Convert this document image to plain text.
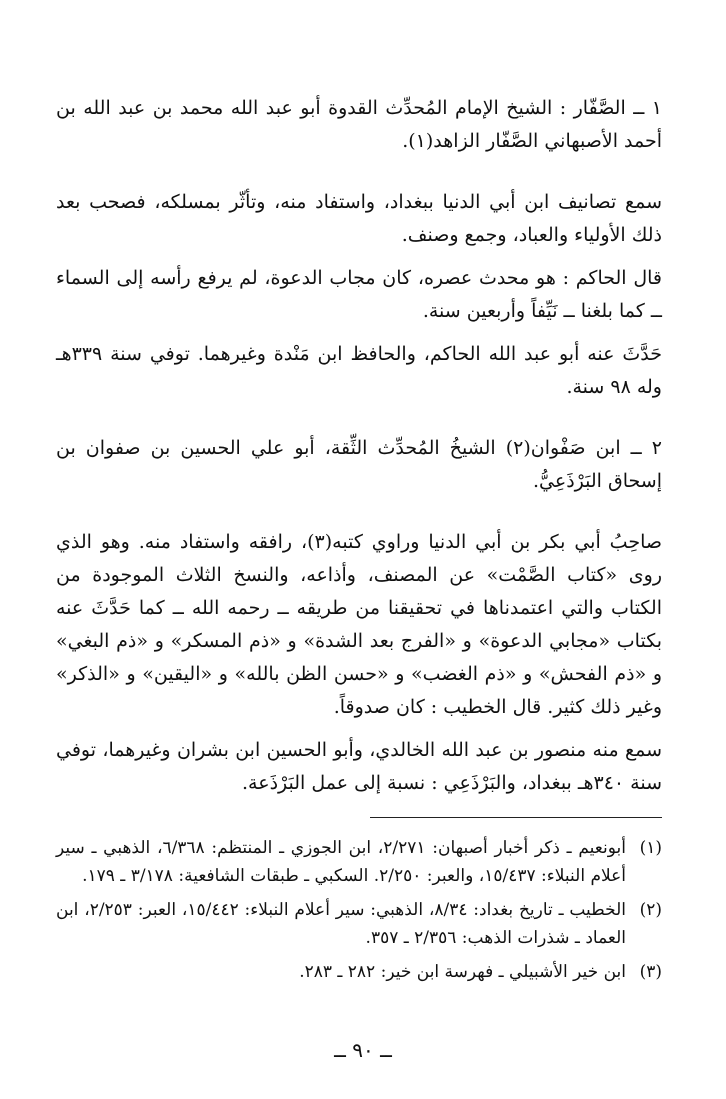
١ ــ الصَّفّار : الشيخ الإمام المُحدِّث القدوة أبو عبد الله محمد بن عبد الله بن أحمد الأصبهاني الصَّفّار الزاهد(١).

سمع تصانيف ابن أبي الدنيا ببغداد، واستفاد منه، وتأثّر بمسلكه، فصحب بعد ذلك الأولياء والعباد، وجمع وصنف.

قال الحاكم : هو محدث عصره، كان مجاب الدعوة، لم يرفع رأسه إلى السماء ــ كما بلغنا ــ نَيِّفاً وأربعين سنة.

حَدَّثَ عنه أبو عبد الله الحاكم، والحافظ ابن مَنْدة وغيرهما. توفي سنة ٣٣٩هـ وله ٩٨ سنة.

٢ ــ ابن صَفْوان(٢) الشيخُ المُحدِّث الثِّقة، أبو علي الحسين بن صفوان بن إسحاق البَرْذَعِيُّ.

صاحِبُ أبي بكر بن أبي الدنيا وراوي كتبه(٣)، رافقه واستفاد منه. وهو الذي روى «كتاب الصَّمْت» عن المصنف، وأذاعه، والنسخ الثلاث الموجودة من الكتاب والتي اعتمدناها في تحقيقنا من طريقه ــ رحمه الله ــ كما حَدَّثَ عنه بكتاب «مجابي الدعوة» و «الفرج بعد الشدة» و «ذم المسكر» و «ذم البغي» و «ذم الفحش» و «ذم الغضب» و «حسن الظن بالله» و «اليقين» و «الذكر» وغير ذلك كثير. قال الخطيب : كان صدوقاً.

سمع منه منصور بن عبد الله الخالدي، وأبو الحسين ابن بشران وغيرهما، توفي سنة ٣٤٠هـ ببغداد، والبَرْذَعِي : نسبة إلى عمل البَرْذَعة.

(١)
أبونعيم ـ ذكر أخبار أصبهان: ٢/٢٧١، ابن الجوزي ـ المنتظم: ٦/٣٦٨، الذهبي ـ سير أعلام النبلاء: ١٥/٤٣٧، والعبر: ٢/٢٥٠. السكبي ـ طبقات الشافعية: ٣/١٧٨ ـ ١٧٩.
(٢)
الخطيب ـ تاريخ بغداد: ٨/٣٤، الذهبي: سير أعلام النبلاء: ١٥/٤٤٢، العبر: ٢/٢٥٣، ابن العماد ـ شذرات الذهب: ٢/٣٥٦ ـ ٣٥٧.
(٣)
ابن خير الأشبيلي ـ فهرسة ابن خير: ٢٨٢ ـ ٢٨٣.
ــ ٩٠ ــ
